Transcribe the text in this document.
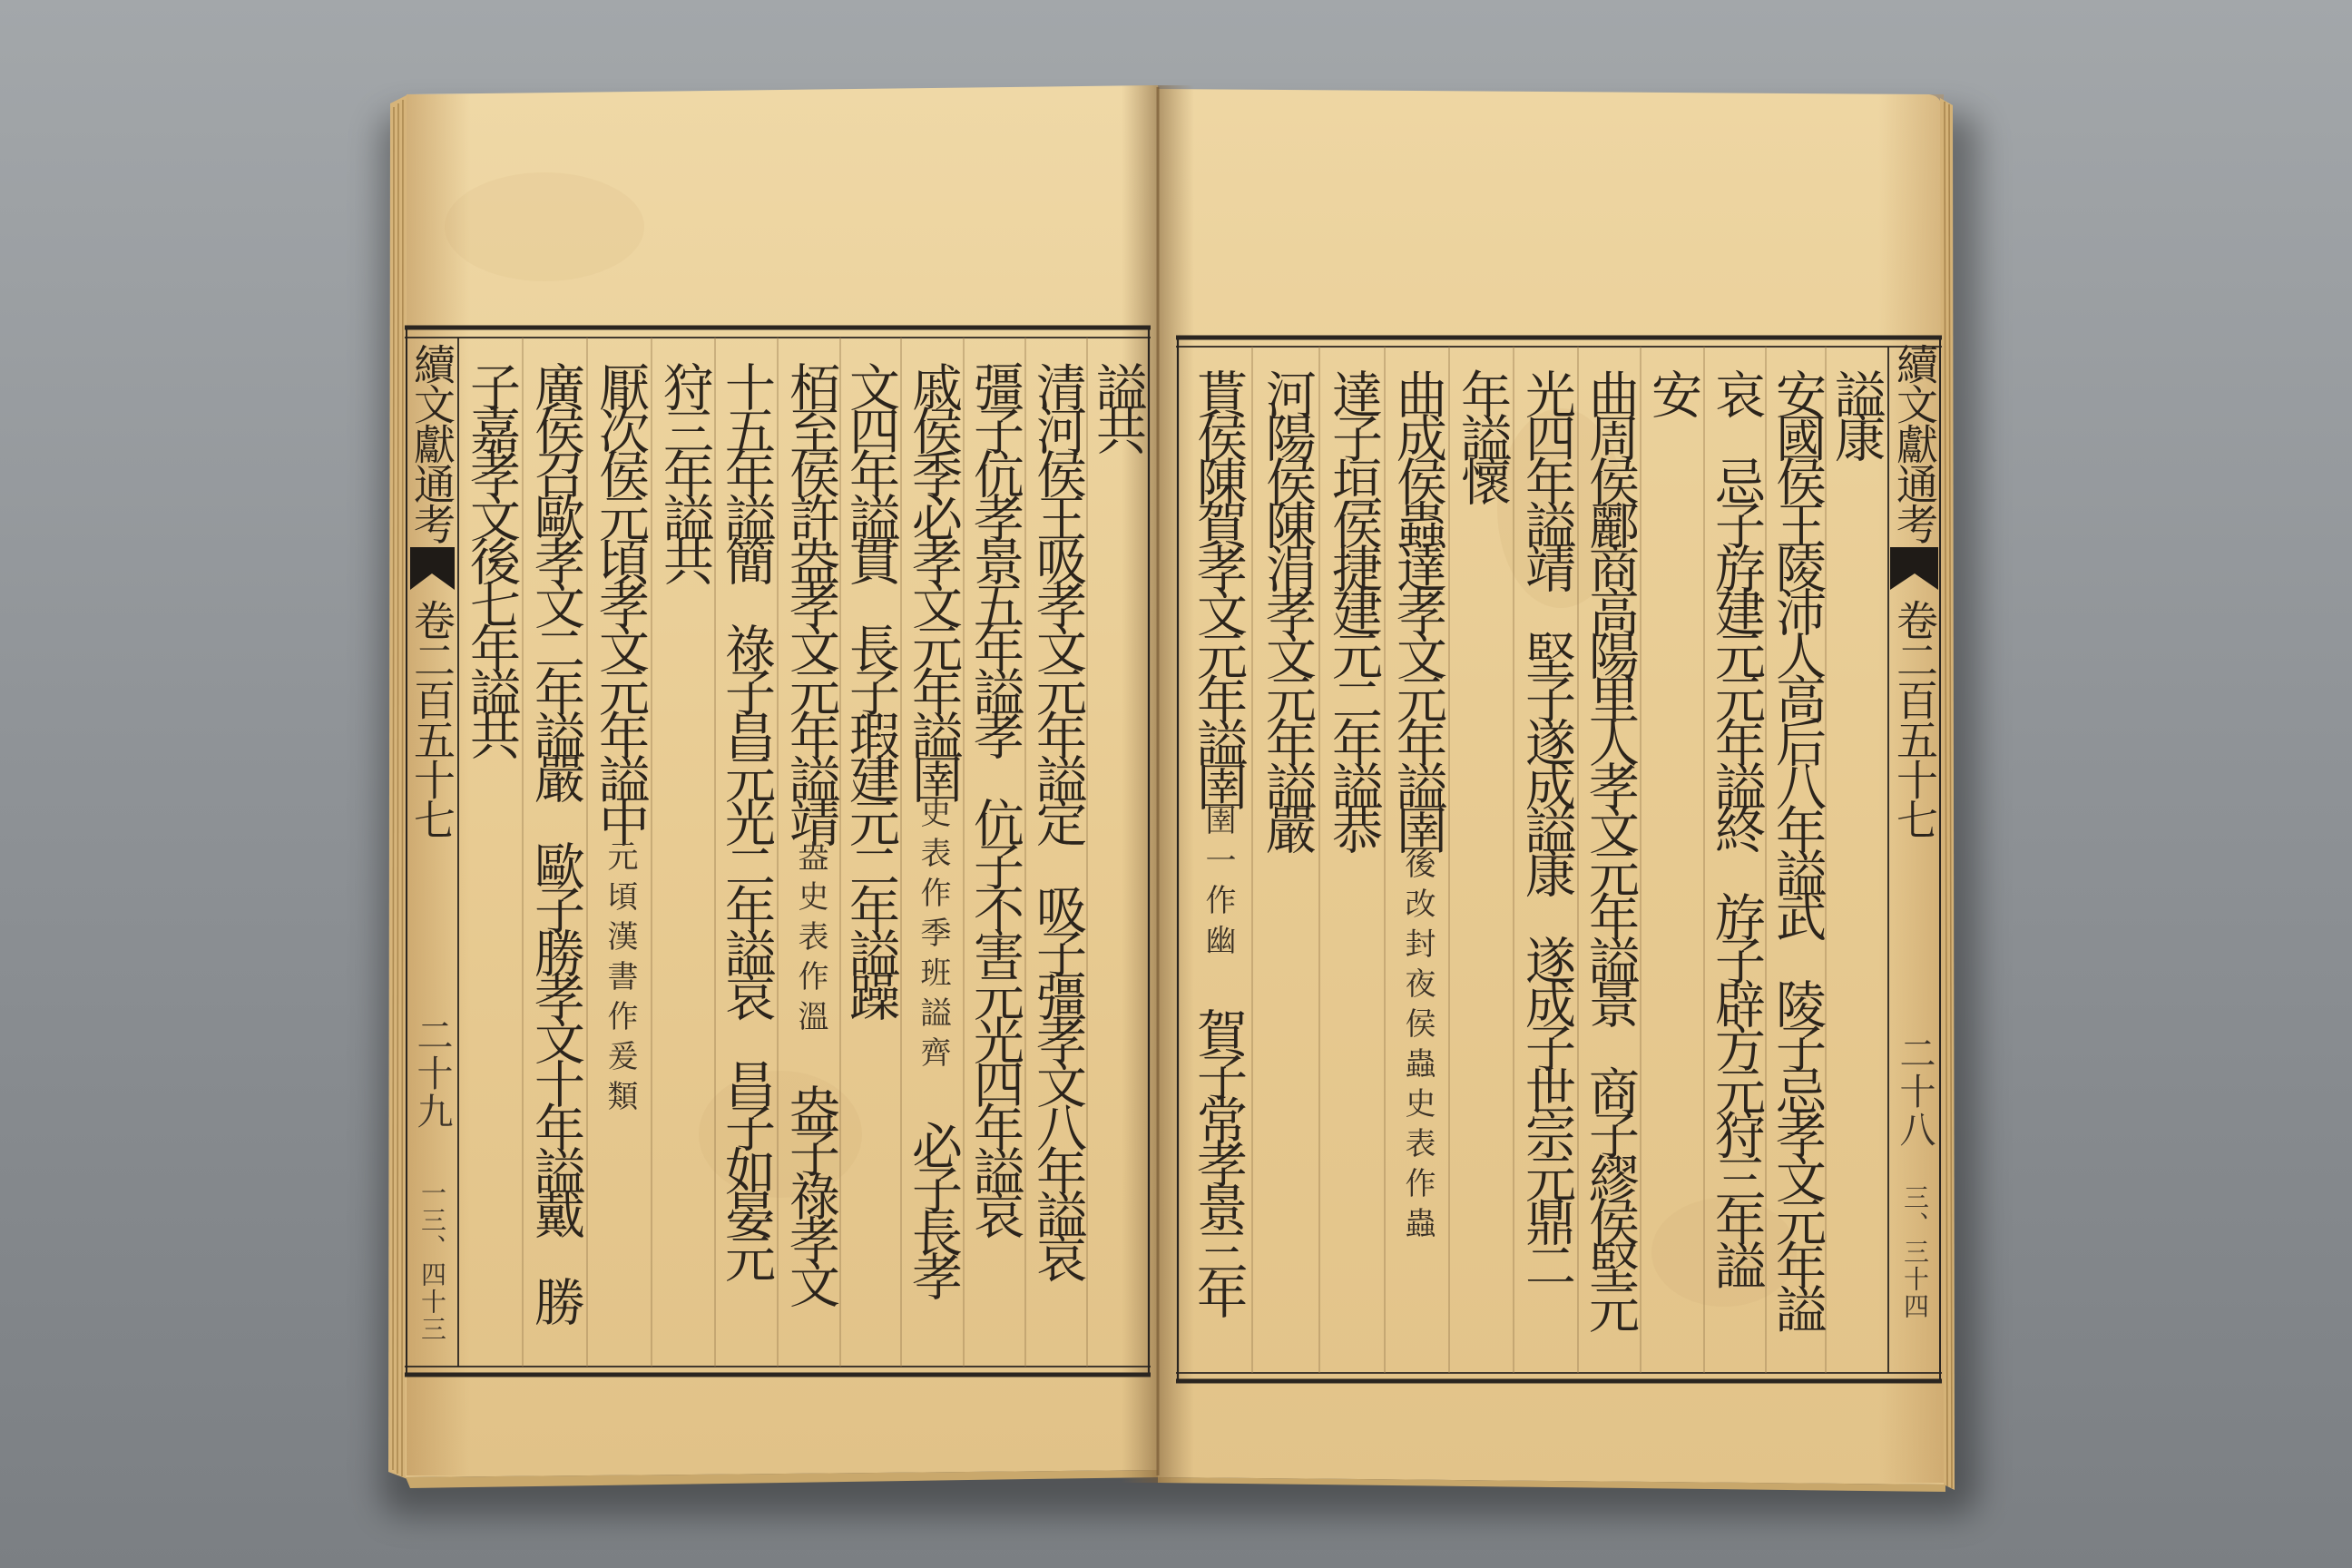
續文獻通考
卷二百五十七
二十九
一三、四十三
謚共
清河侯王吸孝文元年謚定　吸子彊孝文八年謚哀
彊子伉孝景五年謚孝　伉子不害元光四年謚哀
戚侯季必孝文元年謚圉史表作季班謚齊　必子長孝
文四年謚貫　長子瑕建元二年謚躁
栢至侯許盎孝文元年謚靖盎史表作溫　盎子祿孝文
十五年謚簡　祿子昌元光二年謚哀　昌子如晏元
狩三年謚共
厭次侯元頃孝文元年謚中元頃漢書作爰類
廣侯召歐孝文二年謚嚴　歐子勝孝文十年謚戴　勝
子嘉孝文後七年謚共	續文獻通考
卷二百五十七
二十八
三、三十四
謚康
安國侯王陵沛人高后八年謚武　陵子忌孝文元年謚
哀　忌子斿建元元年謚終　斿子辟方元狩三年謚
安
曲周侯酈商高陽里人孝文元年謚景　商子繆侯堅元
光四年謚靖　堅子遂成謚康　遂成子世宗元鼎二
年謚懷
曲成侯蟲達孝文元年謚圉後改封夜侯蟲史表作蟲
達子垣侯捷建元二年謚恭
河陽侯陳涓孝文元年謚嚴
貰侯陳賀孝文元年謚圉圉一作幽　賀子常孝景三年
